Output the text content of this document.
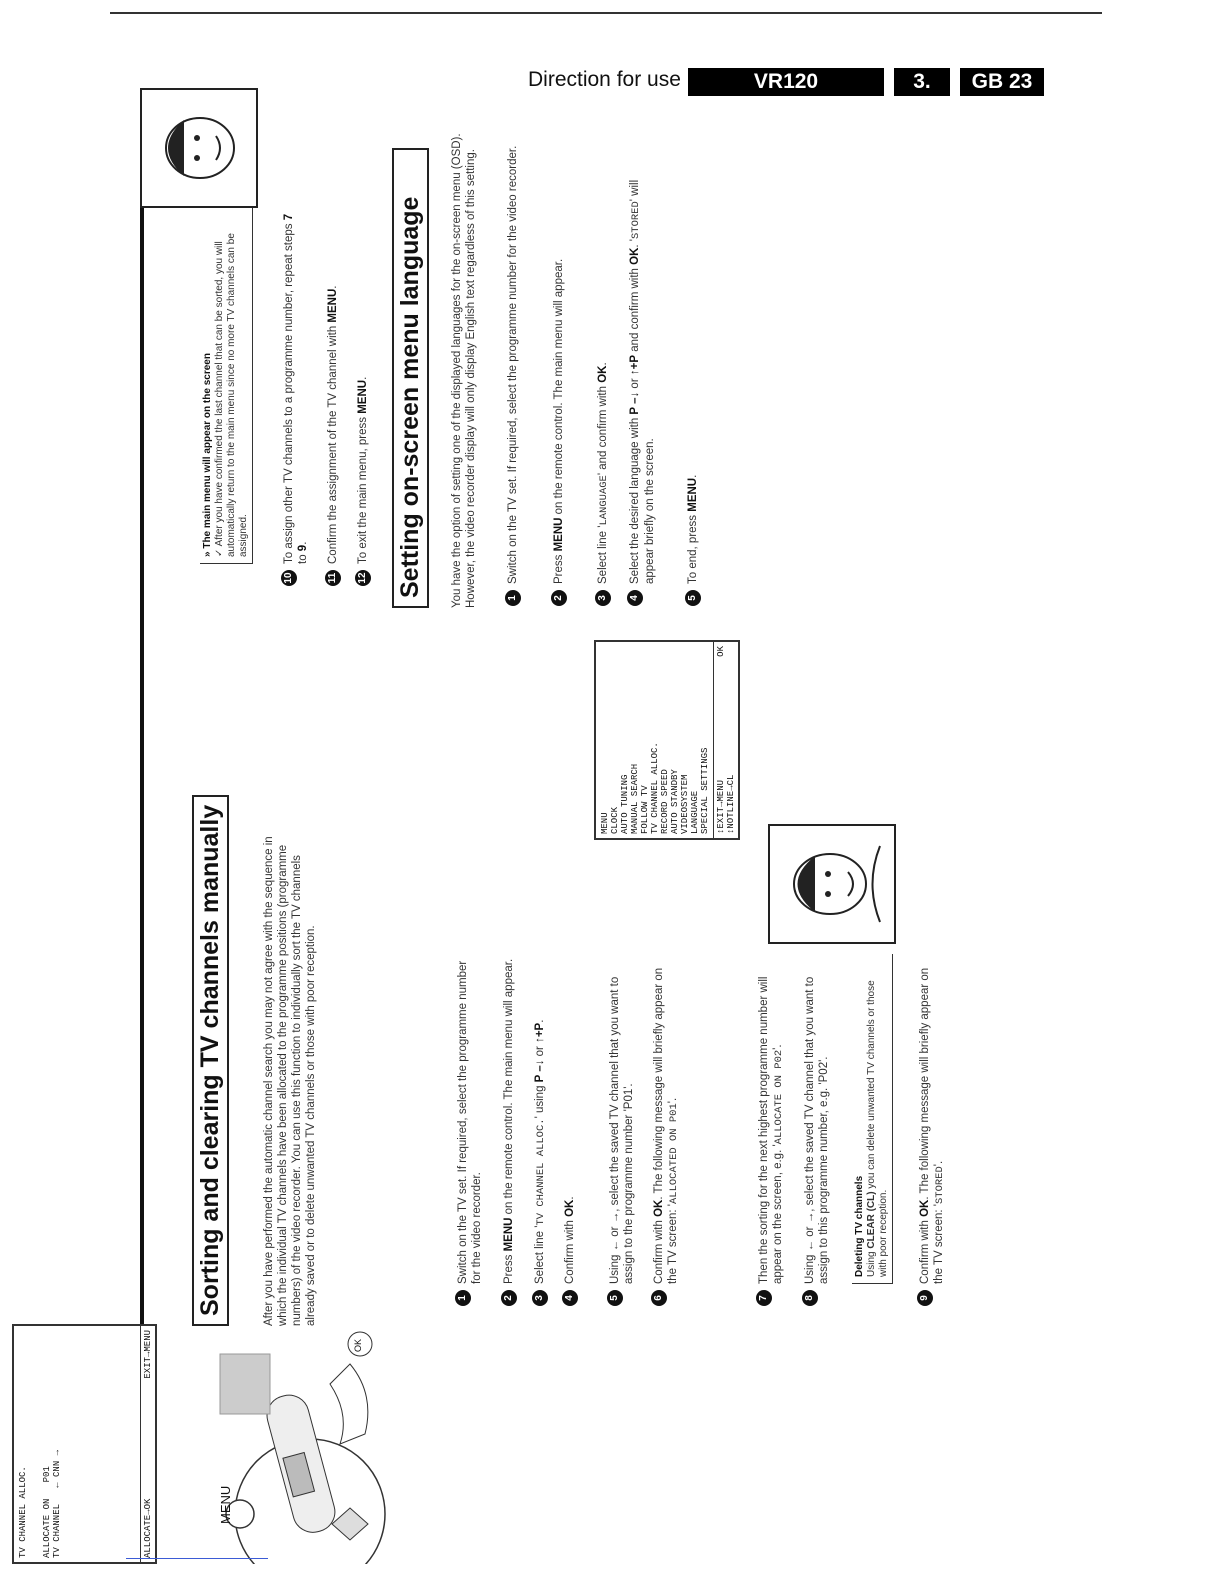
Direction for use	VR120	3.	GB 23
MENU
OK
TV CHANNEL ALLOC. ALLOCATE ON   P01
TV CHANNEL   ← CNN →
ALLOCATE→OK
EXIT→MENU
Sorting and clearing TV channels manually	After you have performed the automatic channel search you may not agree with the sequence in which the individual TV channels have been allocated to the programme positions (programme numbers) of the video recorder. You can use this function to individually sort the TV channels already saved or to delete unwanted TV channels or those with poor reception.	1
Switch on the TV set. If required, select the programme number for the video recorder.
2
Press MENU on the remote control. The main menu will appear.
3
Select line 'TV CHANNEL ALLOC.' using P –↓ or ↑+P.
4
Confirm with OK.
5
Using ← or →, select the saved TV channel that you want to assign to the programme number 'P01'.
6
Confirm with OK. The following message will briefly appear on the TV screen: 'ALLOCATED ON P01'.
7
Then the sorting for the next highest programme number will appear on the screen, e.g. 'ALLOCATE ON P02'.
8
Using ← or →, select the saved TV channel that you want to assign to this programme number, e.g. 'P02'. Deleting TV channels Using CLEAR (CL) you can delete unwanted TV channels or those with poor reception.
9
Confirm with OK. The following message will briefly appear on the TV screen: 'STORED'.
MENU CLOCK AUTO TUNING MANUAL SEARCH FOLLOW TV TV CHANNEL ALLOC. RECORD SPEED AUTO STANDBY VIDEOSYSTEM LANGUAGE SPECIAL SETTINGS ↕EXIT→MENU
OK
↕NOTLINE→CL
» The main menu will appear on the screen ✓ After you have confirmed the last channel that can be sorted, you will automatically return to the main menu since no more TV channels can be assigned.
10
To assign other TV channels to a programme number, repeat steps 7 to 9.
11
Confirm the assignment of the TV channel with MENU.
12
To exit the main menu, press MENU. Setting on-screen menu language	You have the option of setting one of the displayed languages for the on-screen menu (OSD). However, the video recorder display will only display English text regardless of this setting.	1
Switch on the TV set. If required, select the programme number for the video recorder.
2
Press MENU on the remote control. The main menu will appear.
3
Select line 'LANGUAGE' and confirm with OK.
4
Select the desired language with P –↓ or ↑+P and confirm with OK. 'STORED' will appear briefly on the screen.
5
To end, press MENU.
